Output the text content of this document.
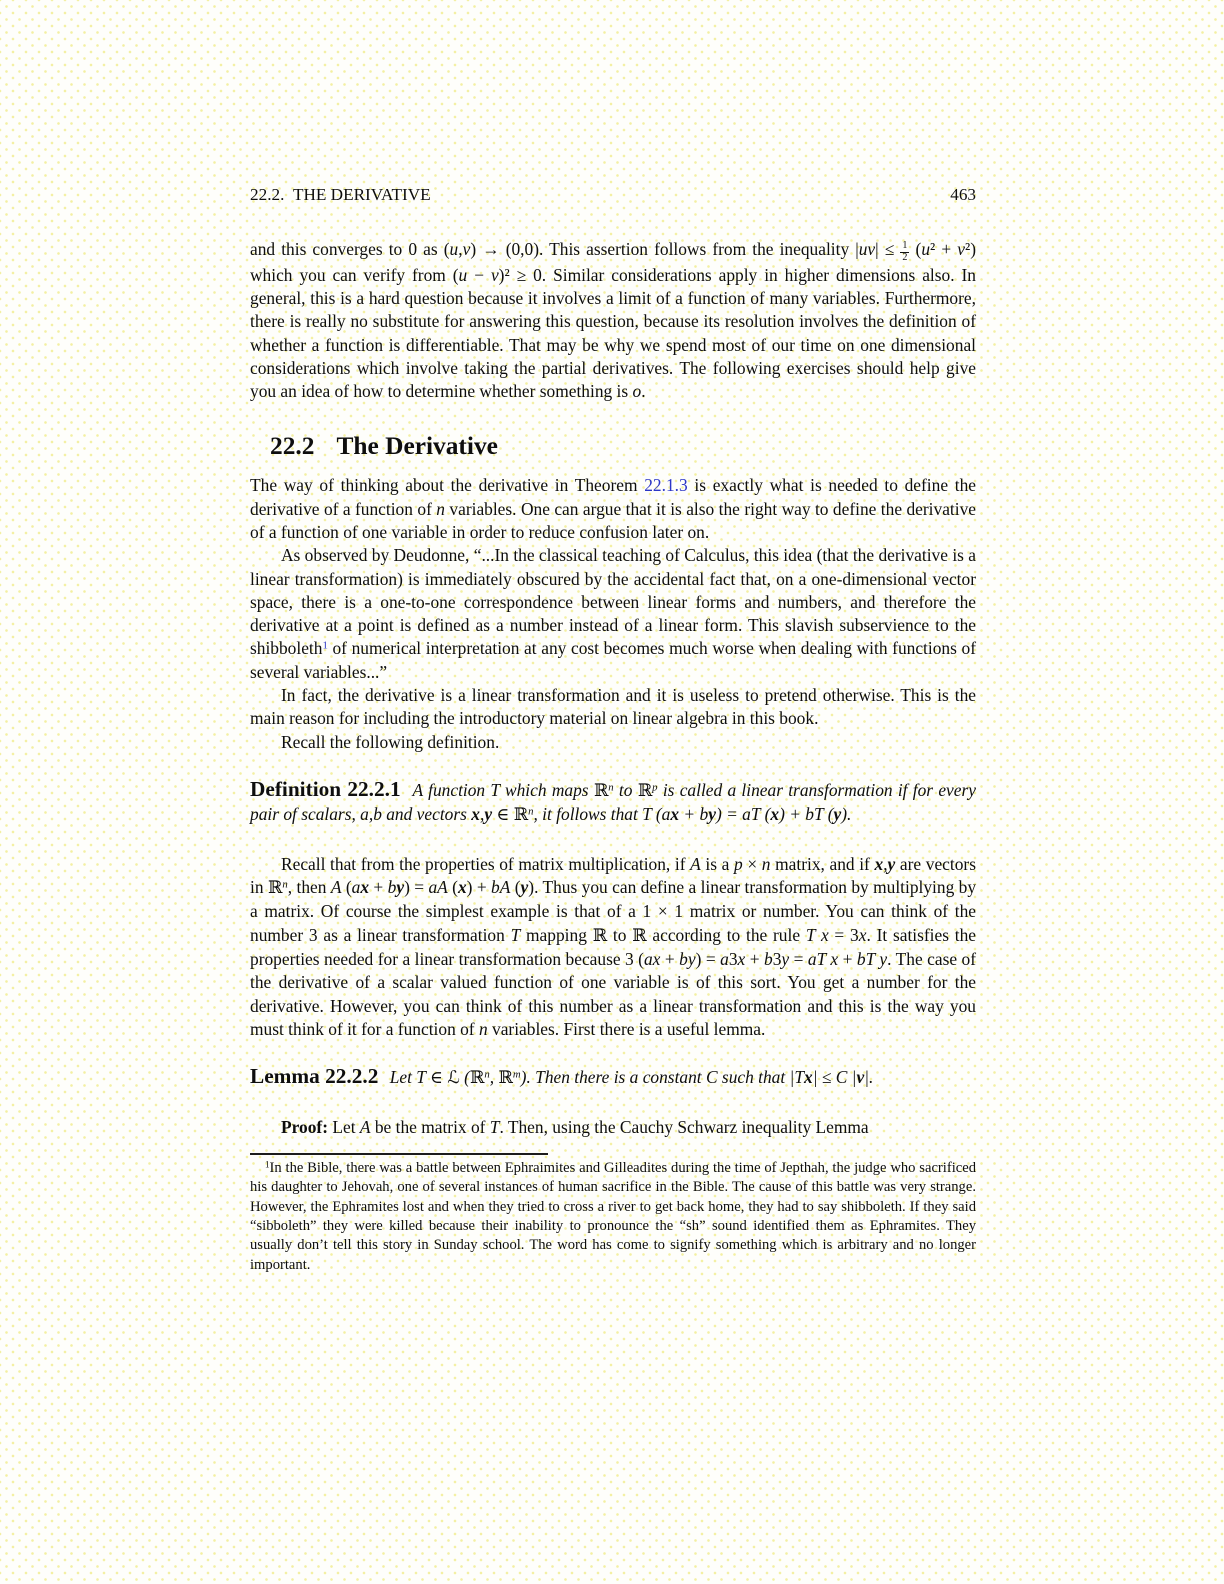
22.2. THE DERIVATIVE	463

and this converges to 0 as (u,v) → (0,0). This assertion follows from the inequality $|uv| \le \frac{1}{2} (u^2 + v^2)$ which you can verify from (u − v)² ≥ 0. Similar considerations apply in higher dimensions also. In general, this is a hard question because it involves a limit of a function of many variables. Furthermore, there is really no substitute for answering this question, because its resolution involves the definition of whether a function is differentiable. That may be why we spend most of our time on one dimensional considerations which involve taking the partial derivatives. The following exercises should help give you an idea of how to determine whether something is o.

22.2 The Derivative

The way of thinking about the derivative in Theorem 22.1.3 is exactly what is needed to define the derivative of a function of n variables. One can argue that it is also the right way to define the derivative of a function of one variable in order to reduce confusion later on.

As observed by Deudonne, “...In the classical teaching of Calculus, this idea (that the derivative is a linear transformation) is immediately obscured by the accidental fact that, on a one-dimensional vector space, there is a one-to-one correspondence between linear forms and numbers, and therefore the derivative at a point is defined as a number instead of a linear form. This slavish subservience to the shibboleth$^1$ of numerical interpretation at any cost becomes much worse when dealing with functions of several variables...”

In fact, the derivative is a linear transformation and it is useless to pretend otherwise. This is the main reason for including the introductory material on linear algebra in this book.

Recall the following definition.

Definition 22.2.1 A function T which maps ℝ$^n$ to ℝ$^p$ is called a linear transformation if for every pair of scalars, a,b and vectors x,y ∈ ℝ$^n$, it follows that T (ax + by) = aT (x) + bT (y).

Recall that from the properties of matrix multiplication, if A is a p × n matrix, and if x,y are vectors in ℝ$^n$, then A (ax + by) = aA (x) + bA (y). Thus you can define a linear transformation by multiplying by a matrix. Of course the simplest example is that of a 1 × 1 matrix or number. You can think of the number 3 as a linear transformation T mapping ℝ to ℝ according to the rule T x = 3x. It satisfies the properties needed for a linear transformation because 3 (ax + by) = a3x + b3y = aT x + bT y. The case of the derivative of a scalar valued function of one variable is of this sort. You get a number for the derivative. However, you can think of this number as a linear transformation and this is the way you must think of it for a function of n variables. First there is a useful lemma.

Lemma 22.2.2 Let T ∈ ℒ (ℝ$^n$, ℝ$^m$). Then there is a constant C such that |Tx| ≤ C |v|.

Proof: Let A be the matrix of T. Then, using the Cauchy Schwarz inequality Lemma

$^1$In the Bible, there was a battle between Ephraimites and Gilleadites during the time of Jepthah, the judge who sacrificed his daughter to Jehovah, one of several instances of human sacrifice in the Bible. The cause of this battle was very strange. However, the Ephramites lost and when they tried to cross a river to get back home, they had to say shibboleth. If they said “sibboleth” they were killed because their inability to pronounce the “sh” sound identified them as Ephramites. They usually don’t tell this story in Sunday school. The word has come to signify something which is arbitrary and no longer important.
